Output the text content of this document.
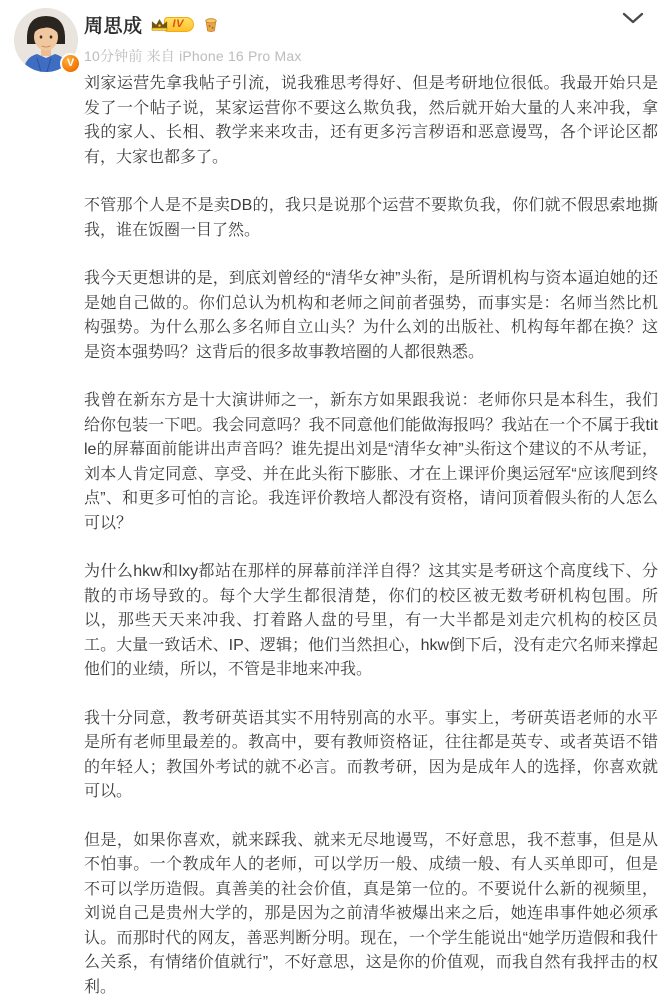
V
周思成	IV
10分钟前 来自 iPhone 16 Pro Max

刘家运营先拿我帖子引流，说我雅思考得好、但是考研地位很低。我最开始只是发了一个帖子说，某家运营你不要这么欺负我，然后就开始大量的人来冲我，拿我的家人、长相、教学来来攻击，还有更多污言秽语和恶意谩骂，各个评论区都有，大家也都多了。

不管那个人是不是卖DB的，我只是说那个运营不要欺负我，你们就不假思索地撕我，谁在饭圈一目了然。

我今天更想讲的是，到底刘曾经的“清华女神”头衔，是所谓机构与资本逼迫她的还是她自己做的。你们总认为机构和老师之间前者强势，而事实是：名师当然比机构强势。为什么那么多名师自立山头？为什么刘的出版社、机构每年都在换？这是资本强势吗？这背后的很多故事教培圈的人都很熟悉。

我曾在新东方是十大演讲师之一，新东方如果跟我说：老师你只是本科生，我们给你包装一下吧。我会同意吗？我不同意他们能做海报吗？我站在一个不属于我title的屏幕面前能讲出声音吗？谁先提出刘是“清华女神”头衔这个建议的不从考证，刘本人肯定同意、享受、并在此头衔下膨胀、才在上课评价奥运冠军“应该爬到终点”、和更多可怕的言论。我连评价教培人都没有资格，请问顶着假头衔的人怎么可以？

为什么hkw和lxy都站在那样的屏幕前洋洋自得？这其实是考研这个高度线下、分散的市场导致的。每个大学生都很清楚，你们的校区被无数考研机构包围。所以，那些天天来冲我、打着路人盘的号里，有一大半都是刘走穴机构的校区员工。大量一致话术、IP、逻辑；他们当然担心，hkw倒下后，没有走穴名师来撑起他们的业绩，所以，不管是非地来冲我。

我十分同意，教考研英语其实不用特别高的水平。事实上，考研英语老师的水平是所有老师里最差的。教高中，要有教师资格证，往往都是英专、或者英语不错的年轻人；教国外考试的就不必言。而教考研，因为是成年人的选择，你喜欢就可以。

但是，如果你喜欢，就来踩我、就来无尽地谩骂，不好意思，我不惹事，但是从不怕事。一个教成年人的老师，可以学历一般、成绩一般、有人买单即可，但是不可以学历造假。真善美的社会价值，真是第一位的。不要说什么新的视频里，刘说自己是贵州大学的，那是因为之前清华被爆出来之后，她连串事件她必须承认。而那时代的网友，善恶判断分明。现在，一个学生能说出“她学历造假和我什么关系，有情绪价值就行”，不好意思，这是你的价值观，而我自然有我抨击的权利。
